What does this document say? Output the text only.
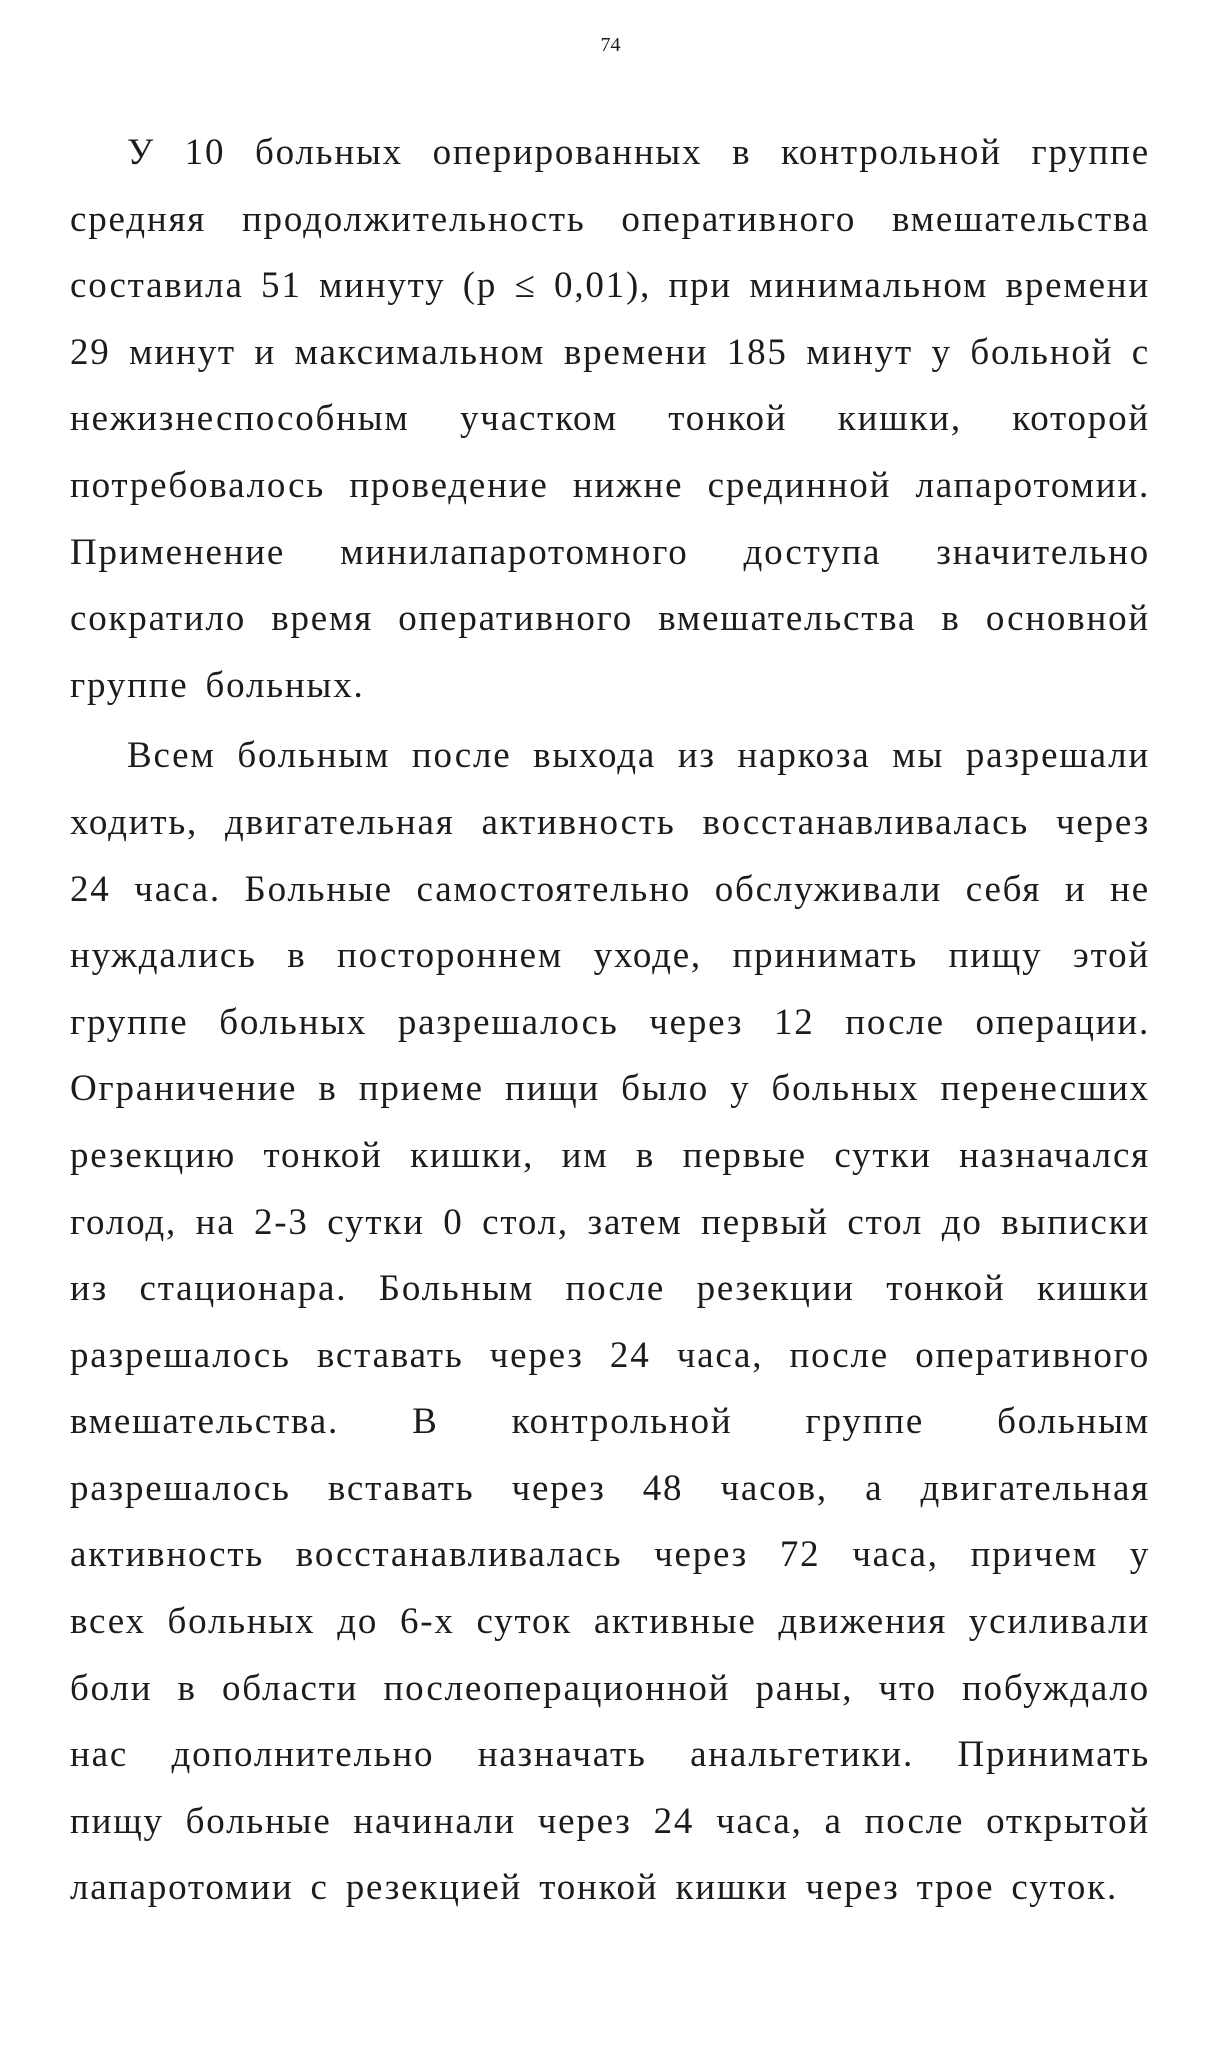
74

У 10 больных оперированных в контрольной группе средняя продолжительность оперативного вмешательства составила 51 минуту (р ≤ 0,01), при минимальном времени 29 минут и максимальном времени 185 минут у больной с нежизнеспособным участком тонкой кишки, которой потребовалось проведение нижне срединной лапаротомии. Применение минилапаротомного доступа значительно сократило время оперативного вмешательства в основной группе больных.

Всем больным после выхода из наркоза мы разрешали ходить, двигательная активность восстанавливалась через 24 часа. Больные самостоятельно обслуживали себя и не нуждались в постороннем уходе, принимать пищу этой группе больных разрешалось через 12 после операции. Ограничение в приеме пищи было у больных перенесших резекцию тонкой кишки, им в первые сутки назначался голод, на 2-3 сутки 0 стол, затем первый стол до выписки из стационара. Больным после резекции тонкой кишки разрешалось вставать через 24 часа, после оперативного вмешательства. В контрольной группе больным разрешалось вставать через 48 часов, а двигательная активность восстанавливалась через 72 часа, причем у всех больных до 6-х суток активные движения усиливали боли в области послеоперационной раны, что побуждало нас дополнительно назначать анальгетики. Принимать пищу больные начинали через 24 часа, а после открытой лапаротомии с резекцией тонкой кишки через трое суток.
